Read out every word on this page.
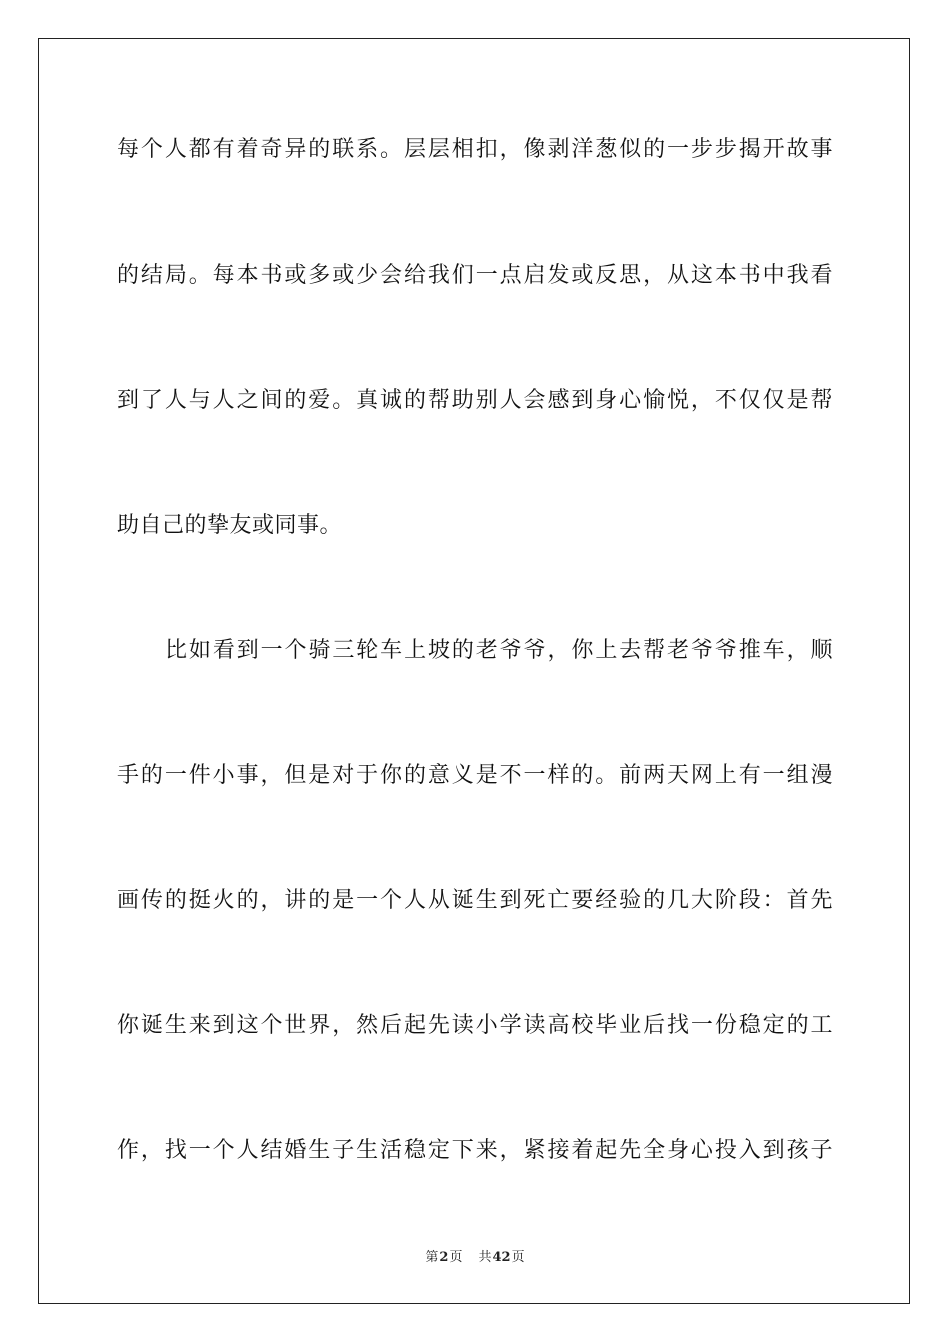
每个人都有着奇异的联系。层层相扣，像剥洋葱似的一步步揭开故事
的结局。每本书或多或少会给我们一点启发或反思，从这本书中我看
到了人与人之间的爱。真诚的帮助别人会感到身心愉悦，不仅仅是帮
助自己的挚友或同事。
比如看到一个骑三轮车上坡的老爷爷，你上去帮老爷爷推车，顺
手的一件小事，但是对于你的意义是不一样的。前两天网上有一组漫
画传的挺火的，讲的是一个人从诞生到死亡要经验的几大阶段：首先
你诞生来到这个世界，然后起先读小学读高校毕业后找一份稳定的工
作，找一个人结婚生子生活稳定下来，紧接着起先全身心投入到孩子
第2页 共42页
